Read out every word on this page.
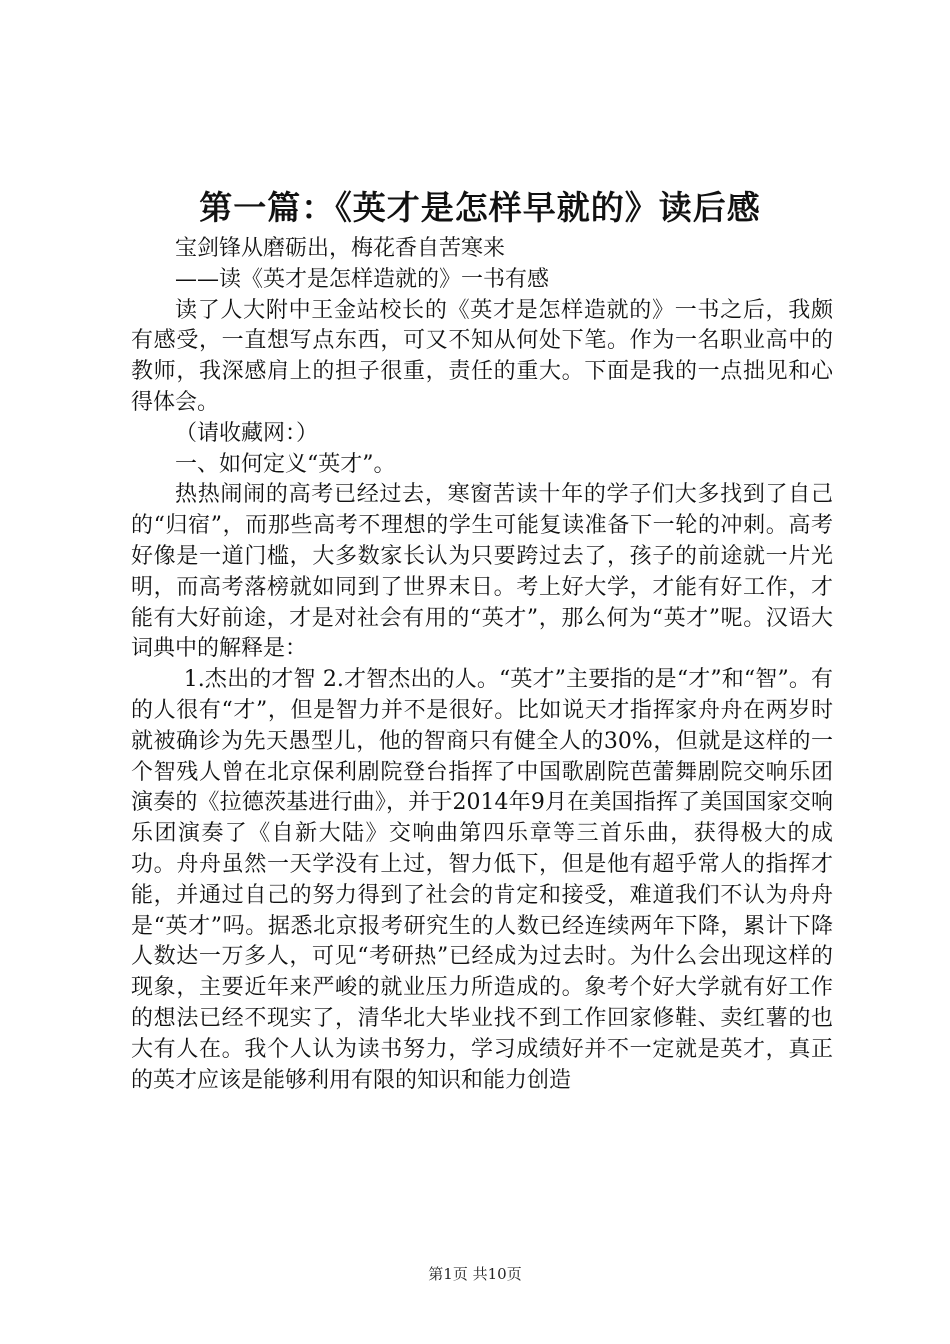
第一篇：《英才是怎样早就的》读后感

宝剑锋从磨砺出，梅花香自苦寒来

——读《英才是怎样造就的》一书有感

读了人大附中王金站校长的《英才是怎样造就的》一书之后，我颇有感受，一直想写点东西，可又不知从何处下笔。作为一名职业高中的教师，我深感肩上的担子很重，责任的重大。下面是我的一点拙见和心得体会。

（请收藏网：）

一、如何定义“英才”。

热热闹闹的高考已经过去，寒窗苦读十年的学子们大多找到了自己的“归宿”，而那些高考不理想的学生可能复读准备下一轮的冲刺。高考好像是一道门槛，大多数家长认为只要跨过去了，孩子的前途就一片光明，而高考落榜就如同到了世界末日。考上好大学，才能有好工作，才能有大好前途，才是对社会有用的“英才”，那么何为“英才”呢。汉语大词典中的解释是：

1.杰出的才智 2.才智杰出的人。“英才”主要指的是“才”和“智”。有的人很有“才”，但是智力并不是很好。比如说天才指挥家舟舟在两岁时就被确诊为先天愚型儿，他的智商只有健全人的30%，但就是这样的一个智残人曾在北京保利剧院登台指挥了中国歌剧院芭蕾舞剧院交响乐团演奏的《拉德茨基进行曲》，并于2014年9月在美国指挥了美国国家交响乐团演奏了《自新大陆》交响曲第四乐章等三首乐曲，获得极大的成功。舟舟虽然一天学没有上过，智力低下，但是他有超乎常人的指挥才能，并通过自己的努力得到了社会的肯定和接受，难道我们不认为舟舟是“英才”吗。据悉北京报考研究生的人数已经连续两年下降，累计下降人数达一万多人，可见“考研热”已经成为过去时。为什么会出现这样的现象，主要近年来严峻的就业压力所造成的。象考个好大学就有好工作的想法已经不现实了，清华北大毕业找不到工作回家修鞋、卖红薯的也大有人在。我个人认为读书努力，学习成绩好并不一定就是英才，真正的英才应该是能够利用有限的知识和能力创造

第1页 共10页
